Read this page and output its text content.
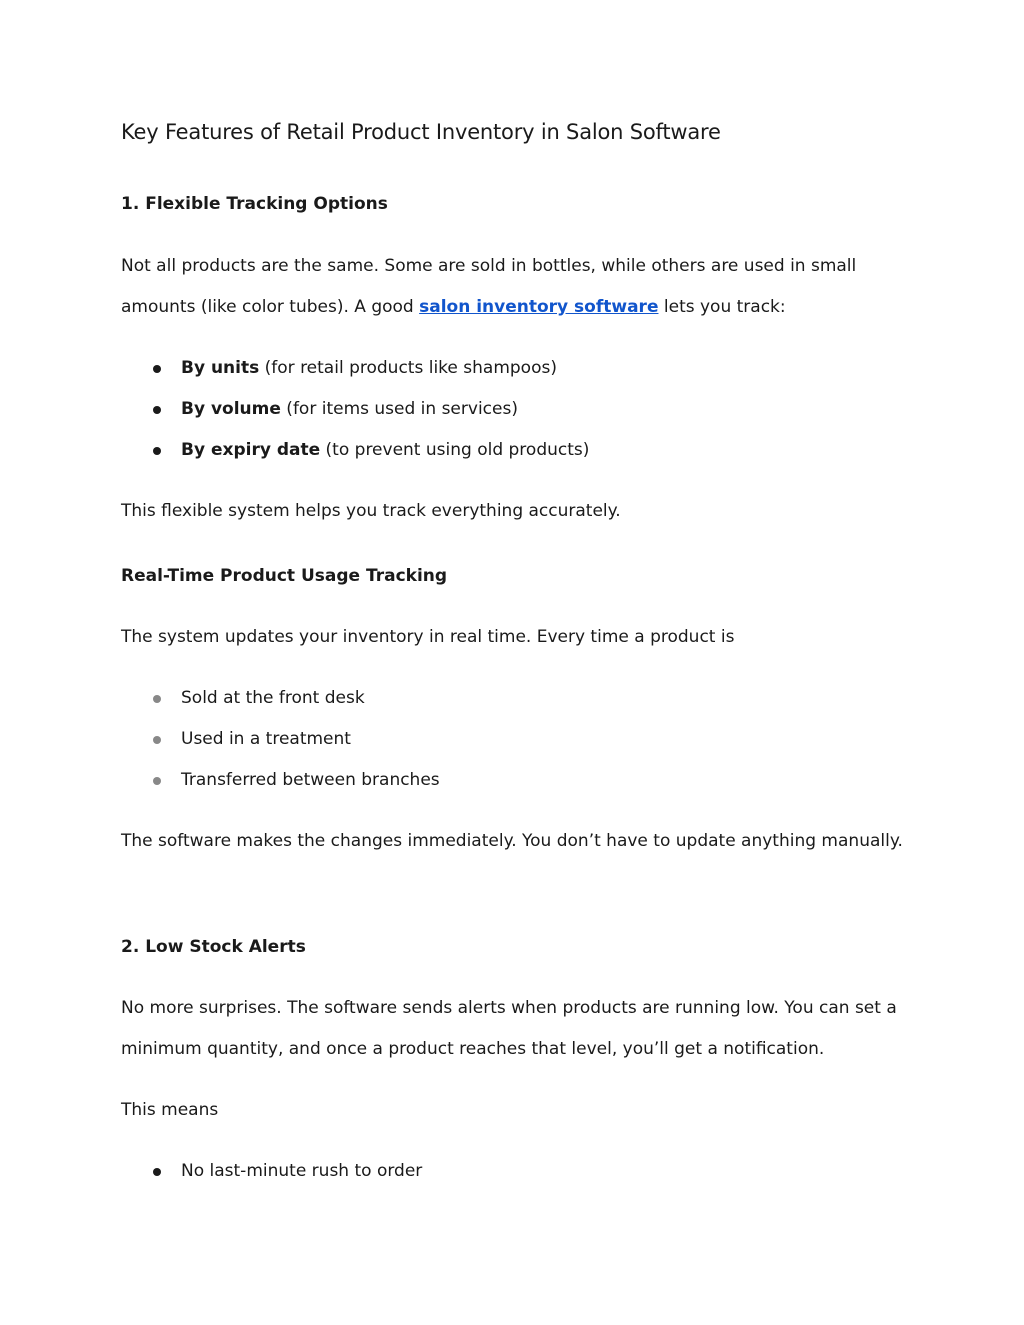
Key Features of Retail Product Inventory in Salon Software
1. Flexible Tracking Options

Not all products are the same. Some are sold in bottles, while others are used in small amounts (like color tubes). A good salon inventory software lets you track:

By units (for retail products like shampoos)
By volume (for items used in services)
By expiry date (to prevent using old products)

This flexible system helps you track everything accurately.

Real-Time Product Usage Tracking

The system updates your inventory in real time. Every time a product is

Sold at the front desk
Used in a treatment
Transferred between branches

The software makes the changes immediately. You don’t have to update anything manually.

2. Low Stock Alerts

No more surprises. The software sends alerts when products are running low. You can set a minimum quantity, and once a product reaches that level, you’ll get a notification.

This means

No last-minute rush to order
